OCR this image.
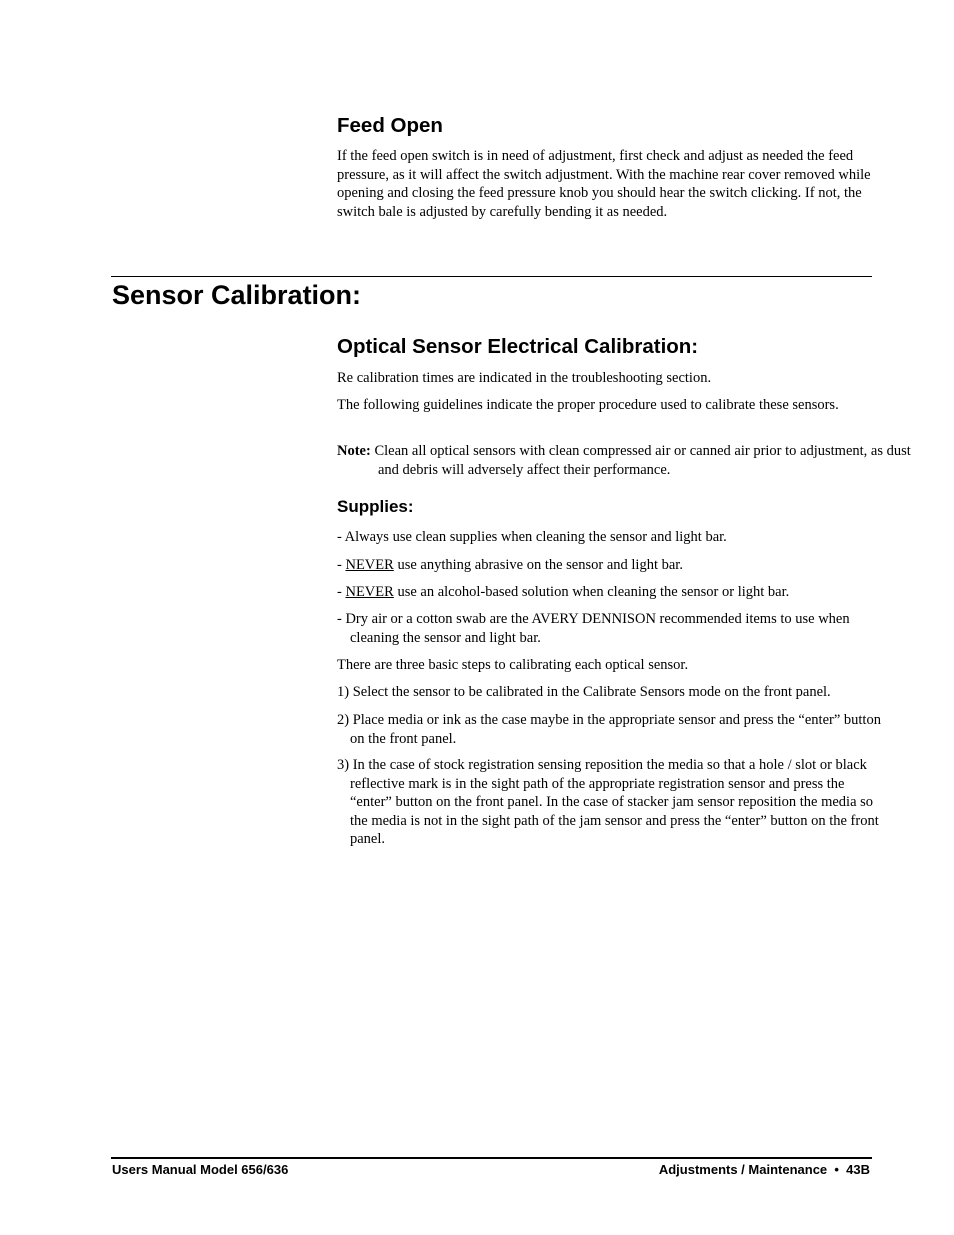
Feed Open

If the feed open switch is in need of adjustment, first check and adjust as needed the feed pressure, as it will affect the switch adjustment. With the machine rear cover removed while opening and closing the feed pressure knob you should hear the switch clicking. If not, the switch bale is adjusted by carefully bending it as needed.

Sensor Calibration:
Optical Sensor Electrical Calibration:

Re calibration times are indicated in the troubleshooting section.

The following guidelines indicate the proper procedure used to calibrate these sensors.

Note: Clean all optical sensors with clean compressed air or canned air prior to adjustment, as dust and debris will adversely affect their performance.

Supplies:

- Always use clean supplies when cleaning the sensor and light bar.

- NEVER use anything abrasive on the sensor and light bar.

- NEVER use an alcohol-based solution when cleaning the sensor or light bar.

- Dry air or a cotton swab are the AVERY DENNISON recommended items to use when cleaning the sensor and light bar.

There are three basic steps to calibrating each optical sensor.

1) Select the sensor to be calibrated in the Calibrate Sensors mode on the front panel.

2) Place media or ink as the case maybe in the appropriate sensor and press the “enter” button on the front panel.

3) In the case of stock registration sensing reposition the media so that a hole / slot or black reflective mark is in the sight path of the appropriate registration sensor and press the “enter” button on the front panel. In the case of stacker jam sensor reposition the media so the media is not in the sight path of the jam sensor and press the “enter” button on the front panel.

Users Manual Model 656/636	Adjustments / Maintenance  •  43B
